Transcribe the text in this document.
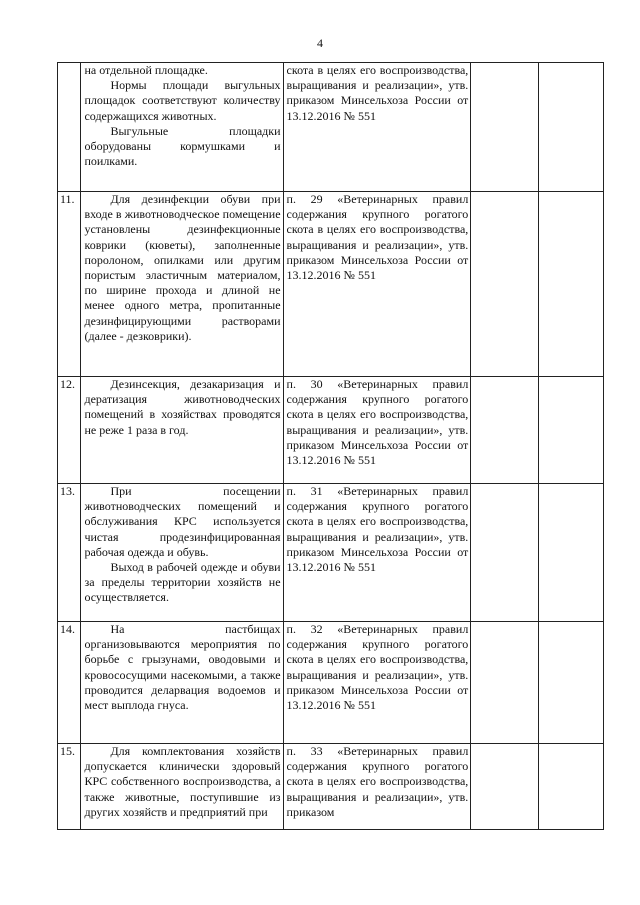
4

	на отдельной площадке.

Нормы площади выгульных площадок соответствуют количеству содержащихся животных.

Выгульные площадки оборудованы кормушками и поилками.	скота в целях его воспроизводства, выращивания и реализации», утв. приказом Минсельхоза России от 13.12.2016 № 551		

11.	Для дезинфекции обуви при входе в животноводческое помещение установлены дезинфекционные коврики (кюветы), заполненные поролоном, опилками или другим пористым эластичным материалом, по ширине прохода и длиной не менее одного метра, пропитанные дезинфицирующими растворами (далее - дезковрики).	п. 29 «Ветеринарных правил содержания крупного рогатого скота в целях его воспроизводства, выращивания и реализации», утв. приказом Минсельхоза России от 13.12.2016 № 551		

12.	Дезинсекция, дезакаризация и дератизация животноводческих помещений в хозяйствах проводятся не реже 1 раза в год.	п. 30 «Ветеринарных правил содержания крупного рогатого скота в целях его воспроизводства, выращивания и реализации», утв. приказом Минсельхоза России от 13.12.2016 № 551		

13.	При посещении животноводческих помещений и обслуживания КРС используется чистая продезинфицированная рабочая одежда и обувь.

Выход в рабочей одежде и обуви за пределы территории хозяйств не осуществляется.	п. 31 «Ветеринарных правил содержания крупного рогатого скота в целях его воспроизводства, выращивания и реализации», утв. приказом Минсельхоза России от 13.12.2016 № 551		

14.	На пастбищах организовываются мероприятия по борьбе с грызунами, оводовыми и кровососущими насекомыми, а также проводится деларвация водоемов и мест выплода гнуса.	п. 32 «Ветеринарных правил содержания крупного рогатого скота в целях его воспроизводства, выращивания и реализации», утв. приказом Минсельхоза России от 13.12.2016 № 551		

15.	Для комплектования хозяйств допускается клинически здоровый КРС собственного воспроизводства, а также животные, поступившие из других хозяйств и предприятий при	п. 33 «Ветеринарных правил содержания крупного рогатого скота в целях его воспроизводства, выращивания и реализации», утв. приказом		
